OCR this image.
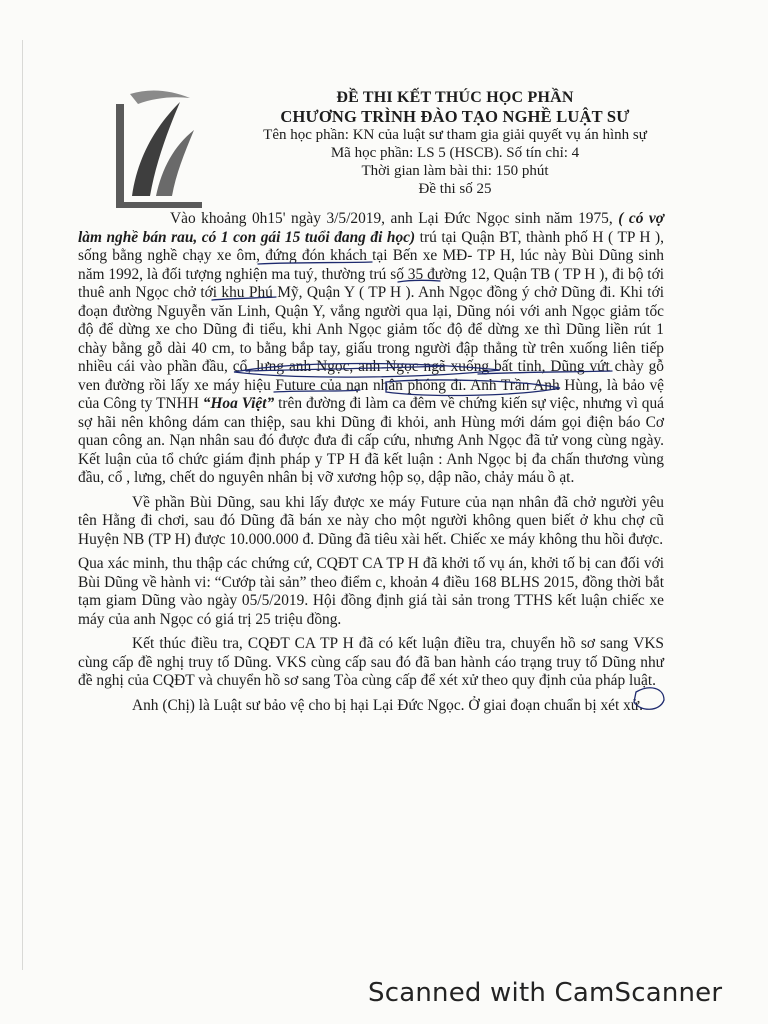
ĐỀ THI KẾT THÚC HỌC PHẦN
CHƯƠNG TRÌNH ĐÀO TẠO NGHỀ LUẬT SƯ
Tên học phần: KN của luật sư tham gia giải quyết vụ án hình sự
Mã học phần: LS 5 (HSCB). Số tín chỉ: 4
Thời gian làm bài thi: 150 phút
Đề thi số 25

Vào khoảng 0h15' ngày 3/5/2019, anh Lại Đức Ngọc sinh năm 1975, ( có vợ làm nghề bán rau, có 1 con gái 15 tuổi đang đi học) trú tại Quận BT, thành phố H ( TP H ), sống bằng nghề chạy xe ôm, đứng đón khách tại Bến xe MĐ- TP H, lúc này Bùi Dũng sinh năm 1992, là đối tượng nghiện ma tuý, thường trú số 35 đường 12, Quận TB ( TP H ), đi bộ tới thuê anh Ngọc chở tới khu Phú Mỹ, Quận Y ( TP H ). Anh Ngọc đồng ý chở Dũng đi. Khi tới đoạn đường Nguyễn văn Linh, Quận Y, vắng người qua lại, Dũng nói với anh Ngọc giảm tốc độ để dừng xe cho Dũng đi tiểu, khi Anh Ngọc giảm tốc độ để dừng xe thì Dũng liền rút 1 chày bằng gỗ dài 40 cm, to bằng bắp tay, giấu trong người đập thẳng từ trên xuống liên tiếp nhiều cái vào phần đầu, cổ, lưng anh Ngọc, anh Ngọc ngã xuống bất tỉnh, Dũng vứt chày gỗ ven đường rồi lấy xe máy hiệu Future của nạn nhân phóng đi. Anh Trần Anh Hùng, là bảo vệ của Công ty TNHH “Hoa Việt” trên đường đi làm ca đêm về chứng kiến sự việc, nhưng vì quá sợ hãi nên không dám can thiệp, sau khi Dũng đi khỏi, anh Hùng mới dám gọi điện báo Cơ quan công an. Nạn nhân sau đó được đưa đi cấp cứu, nhưng Anh Ngọc đã tử vong cùng ngày. Kết luận của tổ chức giám định pháp y TP H đã kết luận : Anh Ngọc bị đa chấn thương vùng đầu, cổ , lưng, chết do nguyên nhân bị vỡ xương hộp sọ, dập não, chảy máu ồ ạt.

Về phần Bùi Dũng, sau khi lấy được xe máy Future của nạn nhân đã chở người yêu tên Hằng đi chơi, sau đó Dũng đã bán xe này cho một người không quen biết ở khu chợ cũ Huyện NB (TP H) được 10.000.000 đ. Dũng đã tiêu xài hết. Chiếc xe máy không thu hồi được.

Qua xác minh, thu thập các chứng cứ, CQĐT CA TP H đã khởi tố vụ án, khởi tố bị can đối với Bùi Dũng về hành vi: “Cướp tài sản” theo điểm c, khoản 4 điều 168 BLHS 2015, đồng thời bắt tạm giam Dũng vào ngày 05/5/2019. Hội đồng định giá tài sản trong TTHS kết luận chiếc xe máy của anh Ngọc có giá trị 25 triệu đồng.

Kết thúc điều tra, CQĐT CA TP H đã có kết luận điều tra, chuyển hồ sơ sang VKS cùng cấp đề nghị truy tố Dũng. VKS cùng cấp sau đó đã ban hành cáo trạng truy tố Dũng như đề nghị của CQĐT và chuyển hồ sơ sang Tòa cùng cấp để xét xử theo quy định của pháp luật.

Anh (Chị) là Luật sư bảo vệ cho bị hại Lại Đức Ngọc. Ở giai đoạn chuẩn bị xét xử.

Scanned with CamScanner
